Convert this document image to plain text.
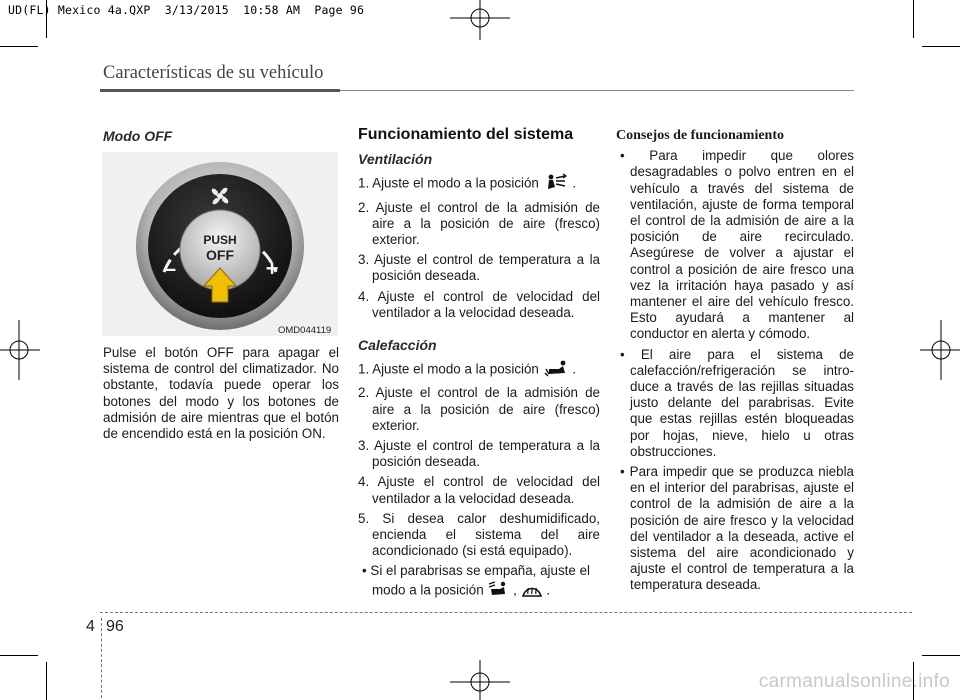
UD(FL) Mexico 4a.QXP  3/13/2015  10:58 AM  Page 96
Características de su vehículo
Modo OFF
PUSH
OFF
–	+
OMD044119
Pulse el botón OFF para apagar el sistema de control del climatizador. No obstante, todavía puede operar los botones del modo y los botones de admisión de aire mientras que el botón de encendido está en la posición ON.
Funcionamiento del sistema
Ventilación
1. Ajuste el modo a la posición .
2. Ajuste el control de la admisión de aire a la posición de aire (fresco) exterior.
3. Ajuste el control de temperatura a la posición deseada.
4. Ajuste el control de velocidad del ventilador a la velocidad deseada.
Calefacción
1. Ajuste el modo a la posición .
2. Ajuste el control de la admisión de aire a la posición de aire (fresco) exterior.
3. Ajuste el control de temperatura a la posición deseada.
4. Ajuste el control de velocidad del ventilador a la velocidad deseada.
5. Si desea calor deshumidificado, encienda el sistema del aire acondicionado (si está equipado).
• Si el parabrisas se empaña, ajuste el modo a la posición , .
Consejos de funcionamiento
• Para impedir que olores desagradables o polvo entren en el vehículo a través del sistema de ventilación, ajuste de forma temporal el control de la admisión de aire a la posición de aire recirculado. Asegúrese de volver a ajustar el control a posición de aire fresco una vez la irritación haya pasado y así mantener el aire del vehículo fresco. Esto ayudará a mantener al conductor en alerta y cómodo.
• El aire para el sistema de calefacción/refrigeración se intro-duce a través de las rejillas situadas justo delante del parabrisas. Evite que estas rejillas estén bloqueadas por hojas, nieve, hielo u otras obstrucciones.
• Para impedir que se produzca niebla en el interior del parabrisas, ajuste el control de la admisión de aire a la posición de aire fresco y la velocidad del ventilador a la deseada, active el sistema del aire acondicionado y ajuste el control de temperatura a la temperatura deseada.
4 96
carmanualsonline.info
